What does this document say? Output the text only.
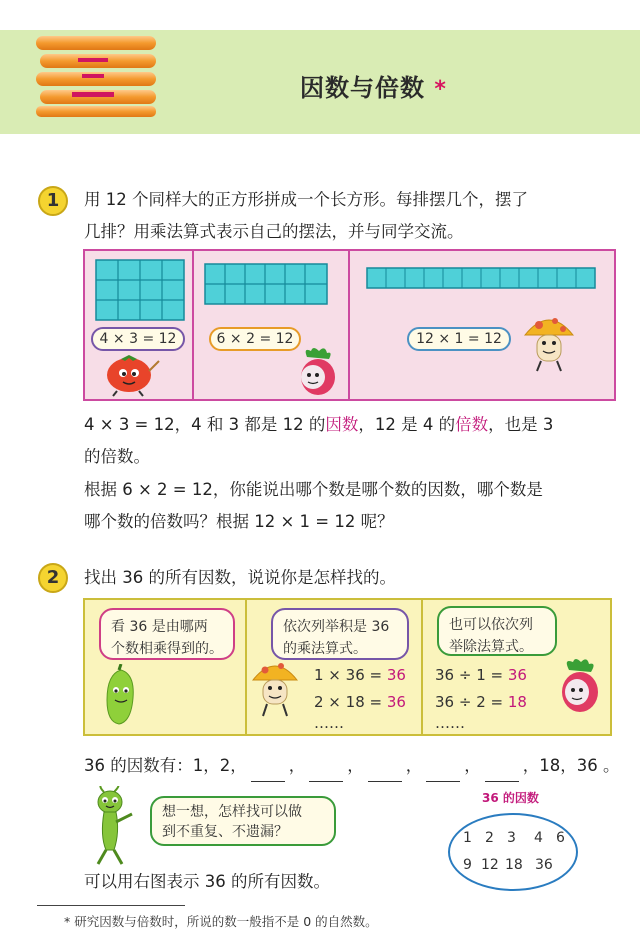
因数与倍数 *
1	用 12 个同样大的正方形拼成一个长方形。每排摆几个，摆了
几排？用乘法算式表示自己的摆法，并与同学交流。
4 × 3 = 12	6 × 2 = 12	12 × 1 = 12
4 × 3 = 12，4 和 3 都是 12 的因数，12 是 4 的倍数，也是 3
的倍数。
根据 6 × 2 = 12，你能说出哪个数是哪个数的因数，哪个数是
哪个数的倍数吗？根据 12 × 1 = 12 呢？
2	找出 36 的所有因数，说说你是怎样找的。
看 36 是由哪两
个数相乘得到的。
依次列举积是 36
的乘法算式。
也可以依次列
举除法算式。
1 × 36 = 36
2 × 18 = 36
……
36 ÷ 1 = 36
36 ÷ 2 = 18
……
36 的因数有：1，2，	，	，	，	，	，18，36 。
想一想，怎样找可以做
到不重复、不遗漏？
可以用右图表示 36 的所有因数。
36 的因数
1 2 3 4 6
9 12 18 36
* 研究因数与倍数时，所说的数一般指不是 0 的自然数。
